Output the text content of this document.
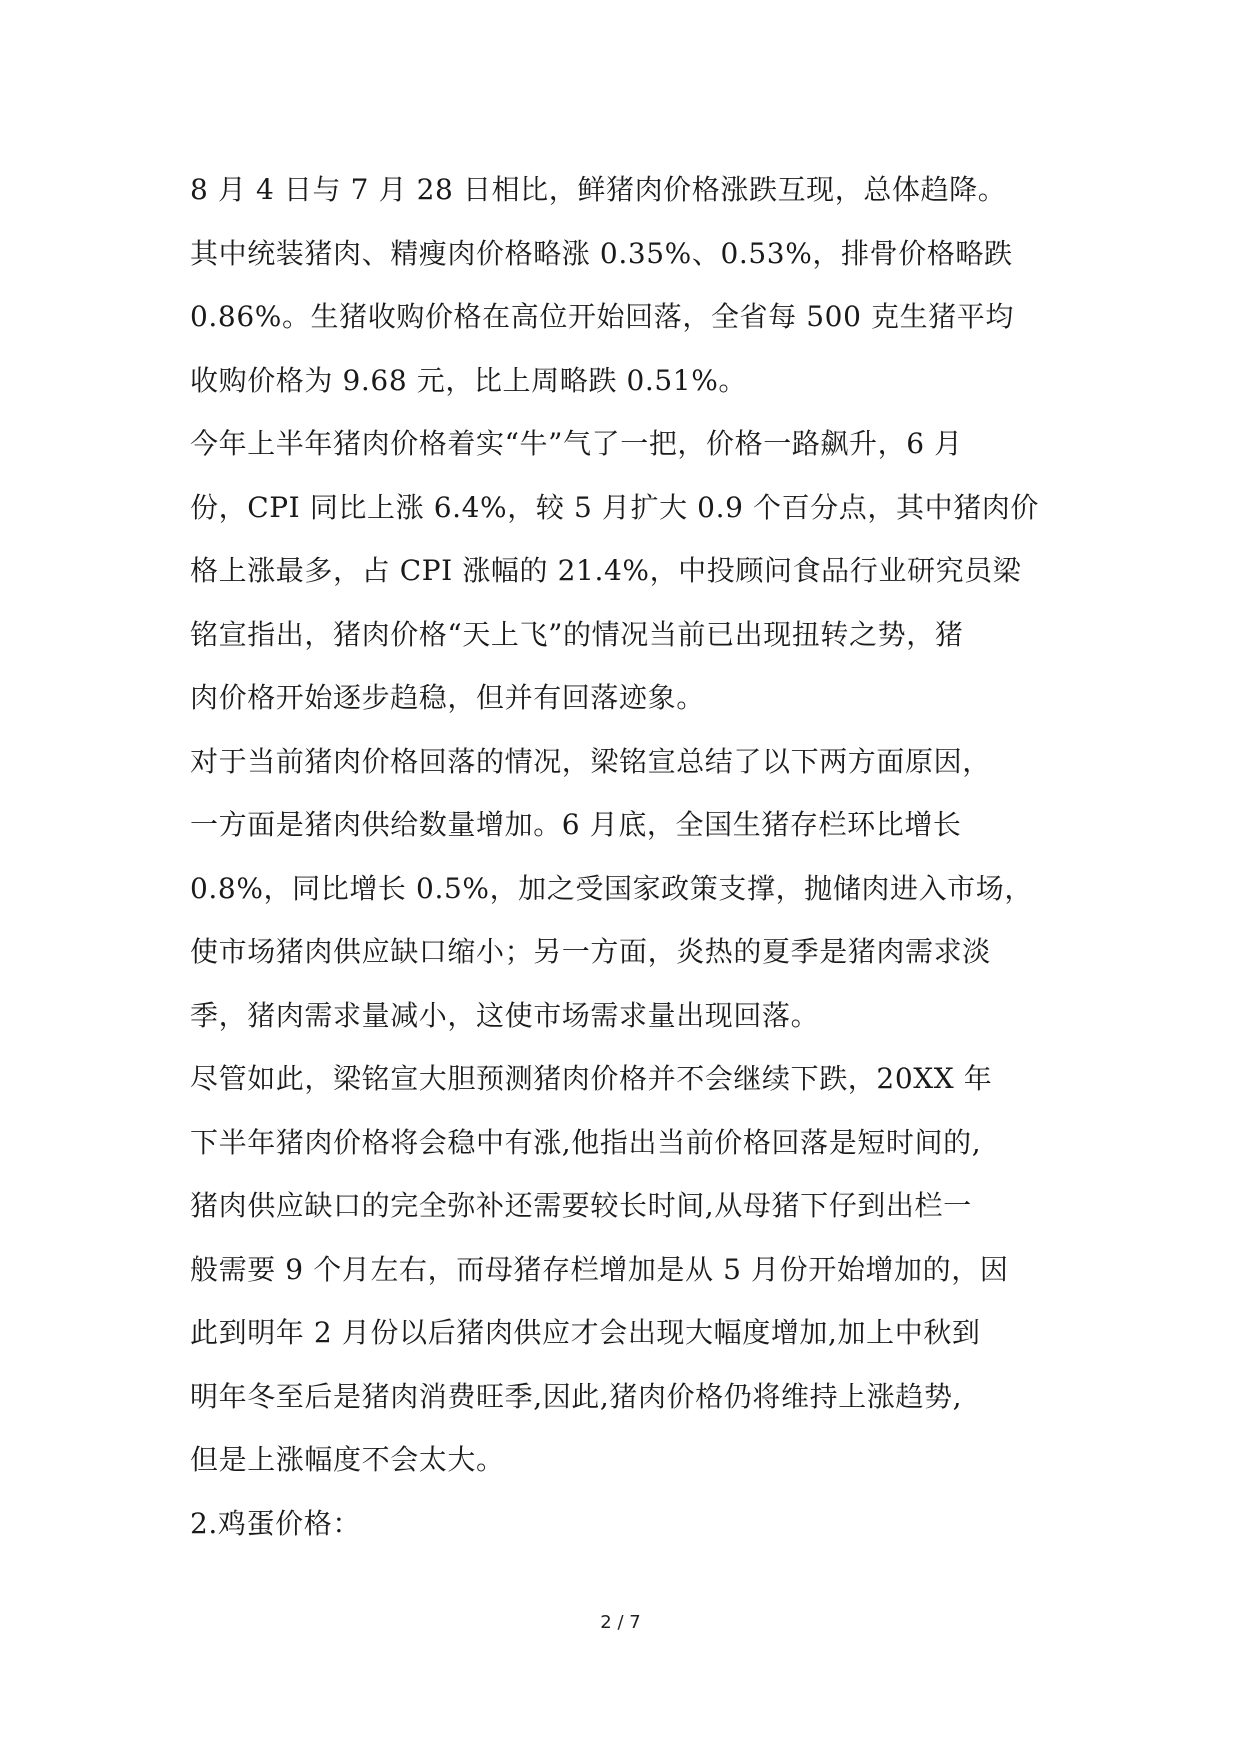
8 月 4 日与 7 月 28 日相比，鲜猪肉价格涨跌互现，总体趋降。
其中统装猪肉、精瘦肉价格略涨 0.35%、0.53%，排骨价格略跌
0.86%。生猪收购价格在高位开始回落，全省每 500 克生猪平均
收购价格为 9.68 元，比上周略跌 0.51%。
今年上半年猪肉价格着实“牛”气了一把，价格一路飙升，6 月
份，CPI 同比上涨 6.4%，较 5 月扩大 0.9 个百分点，其中猪肉价
格上涨最多，占 CPI 涨幅的 21.4%，中投顾问食品行业研究员梁
铭宣指出，猪肉价格“天上飞”的情况当前已出现扭转之势，猪
肉价格开始逐步趋稳，但并有回落迹象。
对于当前猪肉价格回落的情况，梁铭宣总结了以下两方面原因，
一方面是猪肉供给数量增加。6 月底，全国生猪存栏环比增长
0.8%，同比增长 0.5%，加之受国家政策支撑，抛储肉进入市场，
使市场猪肉供应缺口缩小；另一方面，炎热的夏季是猪肉需求淡
季，猪肉需求量减小，这使市场需求量出现回落。
尽管如此，梁铭宣大胆预测猪肉价格并不会继续下跌，20XX 年
下半年猪肉价格将会稳中有涨,他指出当前价格回落是短时间的,
猪肉供应缺口的完全弥补还需要较长时间,从母猪下仔到出栏一
般需要 9 个月左右，而母猪存栏增加是从 5 月份开始增加的，因
此到明年 2 月份以后猪肉供应才会出现大幅度增加,加上中秋到
明年冬至后是猪肉消费旺季,因此,猪肉价格仍将维持上涨趋势,
但是上涨幅度不会太大。
2.鸡蛋价格：
2 / 7
